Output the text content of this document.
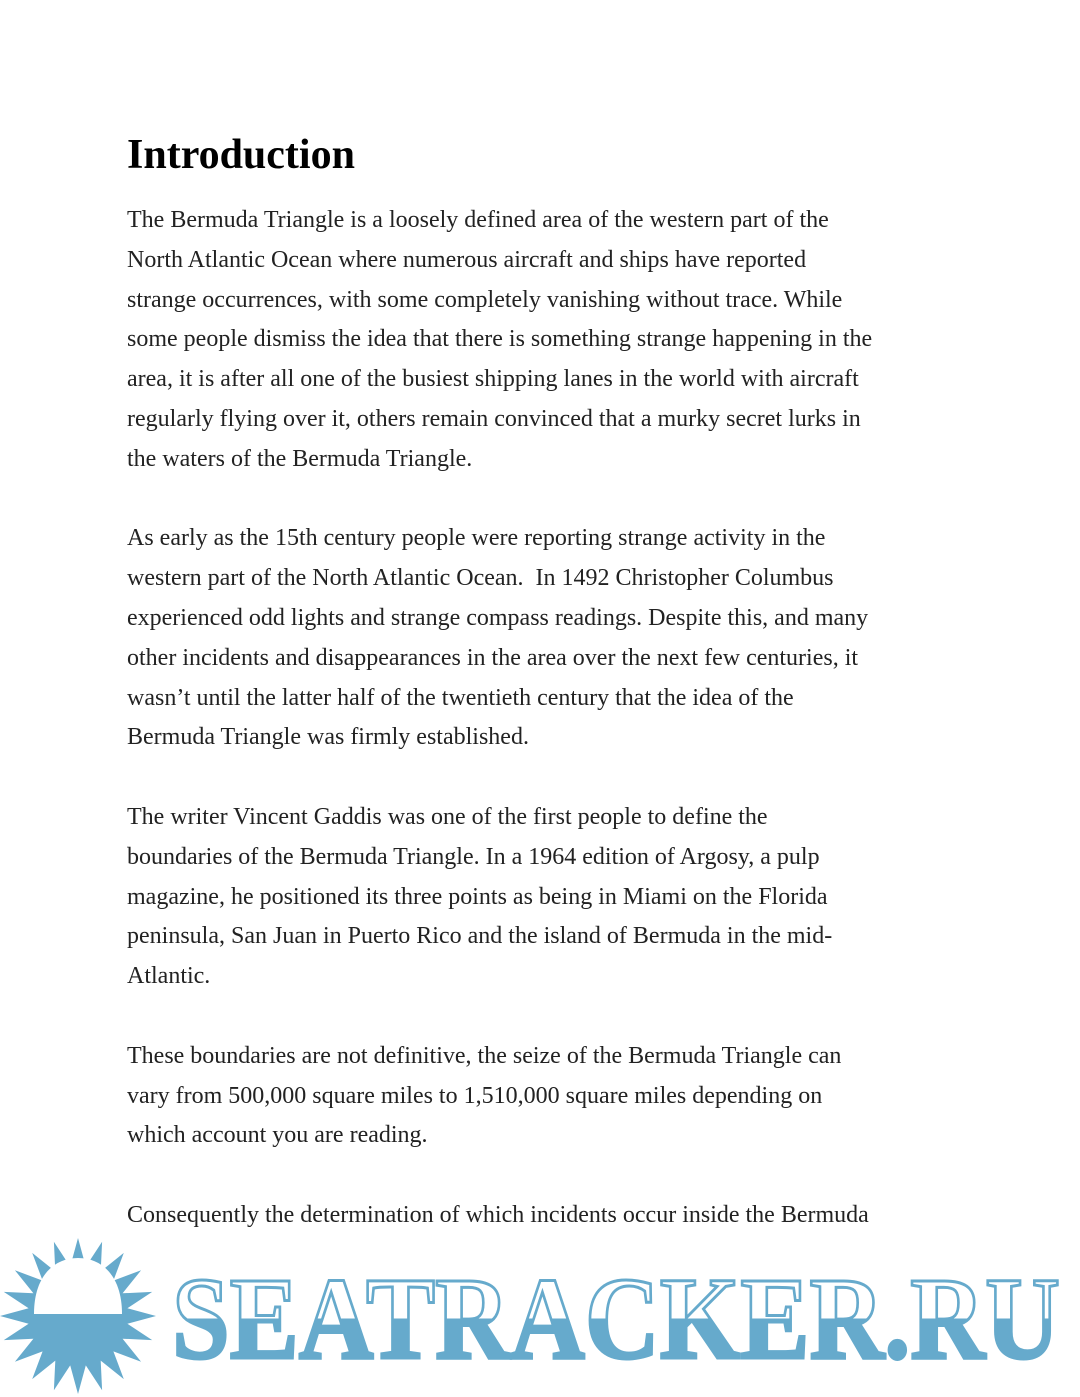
Introduction

The Bermuda Triangle is a loosely defined area of the western part of the
North Atlantic Ocean where numerous aircraft and ships have reported
strange occurrences, with some completely vanishing without trace. While
some people dismiss the idea that there is something strange happening in the
area, it is after all one of the busiest shipping lanes in the world with aircraft
regularly flying over it, others remain convinced that a murky secret lurks in
the waters of the Bermuda Triangle.

As early as the 15th century people were reporting strange activity in the
western part of the North Atlantic Ocean.  In 1492 Christopher Columbus
experienced odd lights and strange compass readings. Despite this, and many
other incidents and disappearances in the area over the next few centuries, it
wasn’t until the latter half of the twentieth century that the idea of the
Bermuda Triangle was firmly established.

The writer Vincent Gaddis was one of the first people to define the
boundaries of the Bermuda Triangle. In a 1964 edition of Argosy, a pulp
magazine, he positioned its three points as being in Miami on the Florida
peninsula, San Juan in Puerto Rico and the island of Bermuda in the mid-
Atlantic.

These boundaries are not definitive, the seize of the Bermuda Triangle can
vary from 500,000 square miles to 1,510,000 square miles depending on
which account you are reading.

Consequently the determination of which incidents occur inside the Bermuda

SEATRACKER.RU
